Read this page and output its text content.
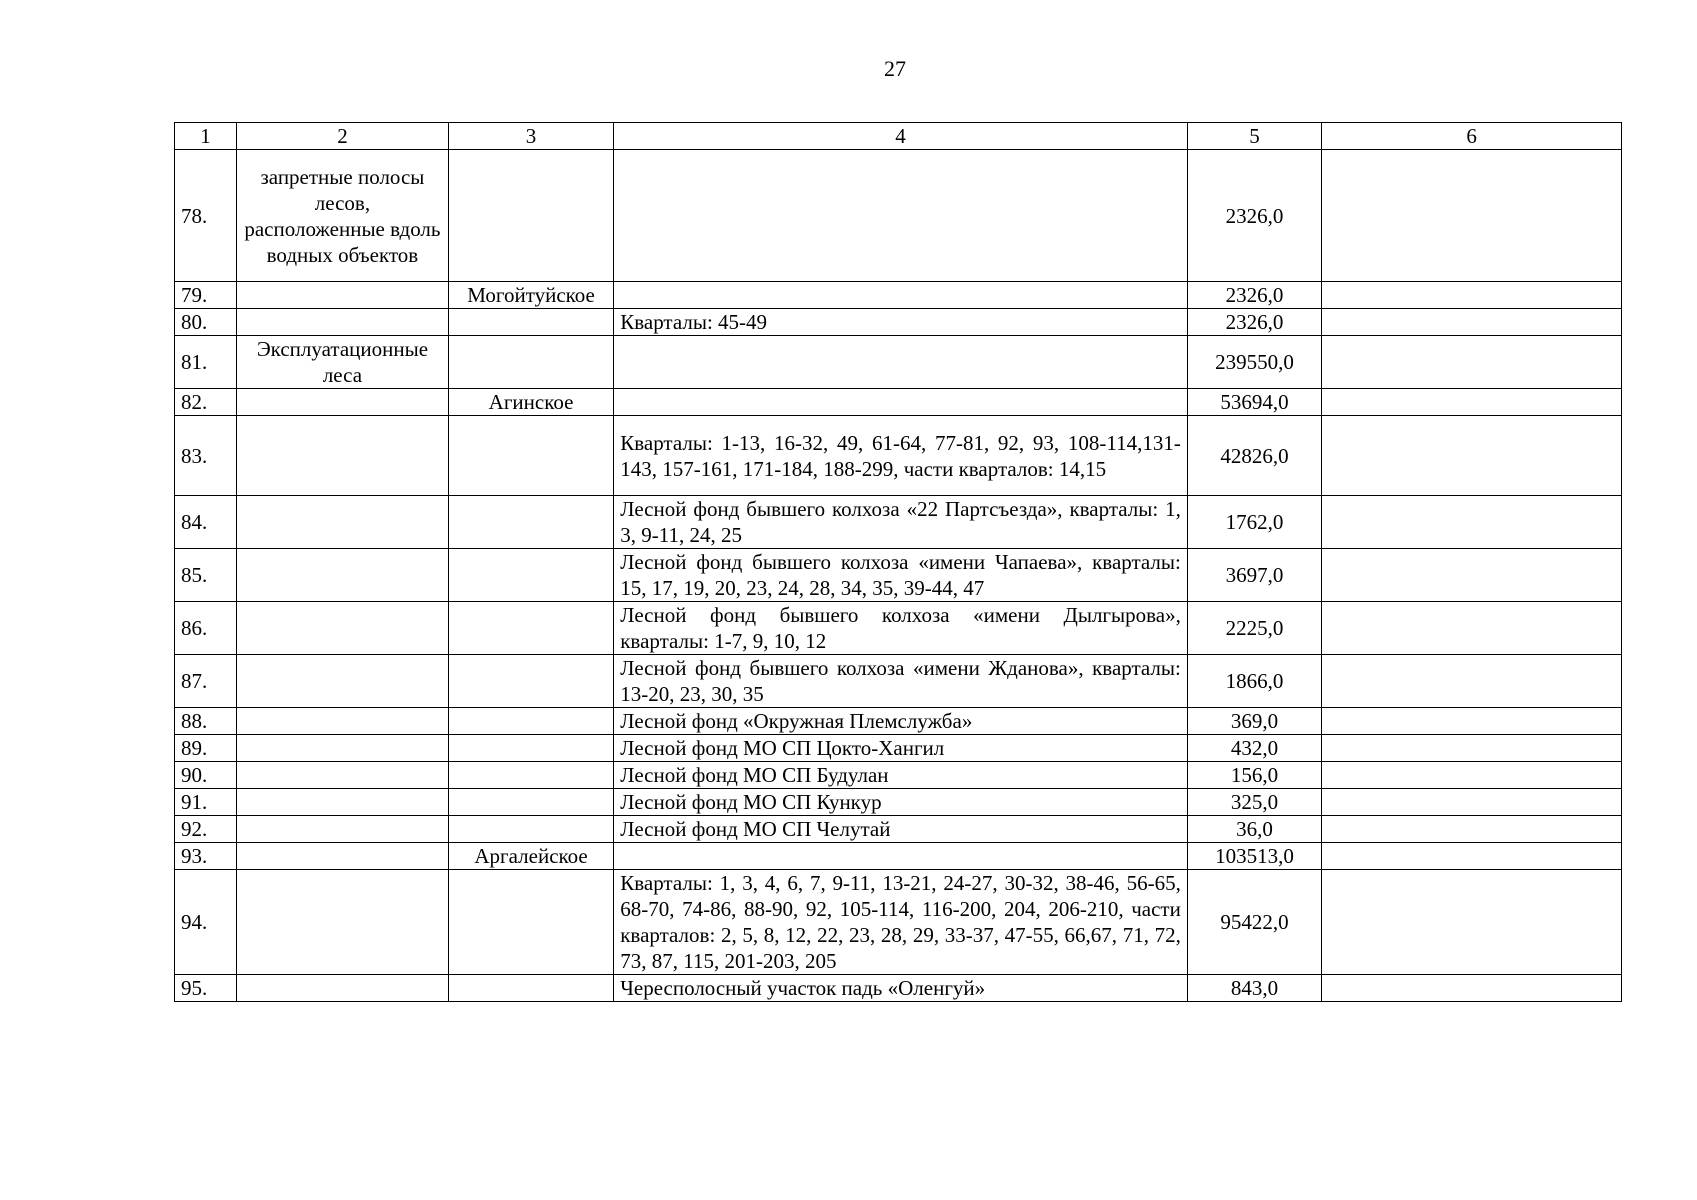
27
1	2	3	4	5	6
78.	запретные полосы лесов, расположенные вдоль водных объектов			2326,0	
79.		Могойтуйское		2326,0	
80.			Кварталы: 45-49	2326,0	
81.	Эксплуатационные леса			239550,0	
82.		Агинское		53694,0	
83.			Кварталы: 1-13, 16-32, 49, 61-64, 77-81, 92, 93, 108-114,131-143, 157-161, 171-184, 188-299, части кварталов: 14,15	42826,0	
84.			Лесной фонд бывшего колхоза «22 Партсъезда», кварталы: 1, 3, 9-11, 24, 25	1762,0	
85.			Лесной фонд бывшего колхоза «имени Чапаева», кварталы: 15, 17, 19, 20, 23, 24, 28, 34, 35, 39-44, 47	3697,0	
86.			Лесной фонд бывшего колхоза «имени Дылгырова», кварталы: 1-7, 9, 10, 12	2225,0	
87.			Лесной фонд бывшего колхоза «имени Жданова», кварталы: 13-20, 23, 30, 35	1866,0	
88.			Лесной фонд «Окружная Племслужба»	369,0	
89.			Лесной фонд МО СП Цокто-Хангил	432,0	
90.			Лесной фонд МО СП Будулан	156,0	
91.			Лесной фонд МО СП Кункур	325,0	
92.			Лесной фонд МО СП Челутай	36,0	
93.		Аргалейское		103513,0	
94.			Кварталы: 1, 3, 4, 6, 7, 9-11, 13-21, 24-27, 30-32, 38-46, 56-65, 68-70, 74-86, 88-90, 92, 105-114, 116-200, 204, 206-210, части кварталов: 2, 5, 8, 12, 22, 23, 28, 29, 33-37, 47-55, 66,67, 71, 72, 73, 87, 115, 201-203, 205	95422,0	
95.			Чересполосный участок падь «Оленгуй»	843,0	
